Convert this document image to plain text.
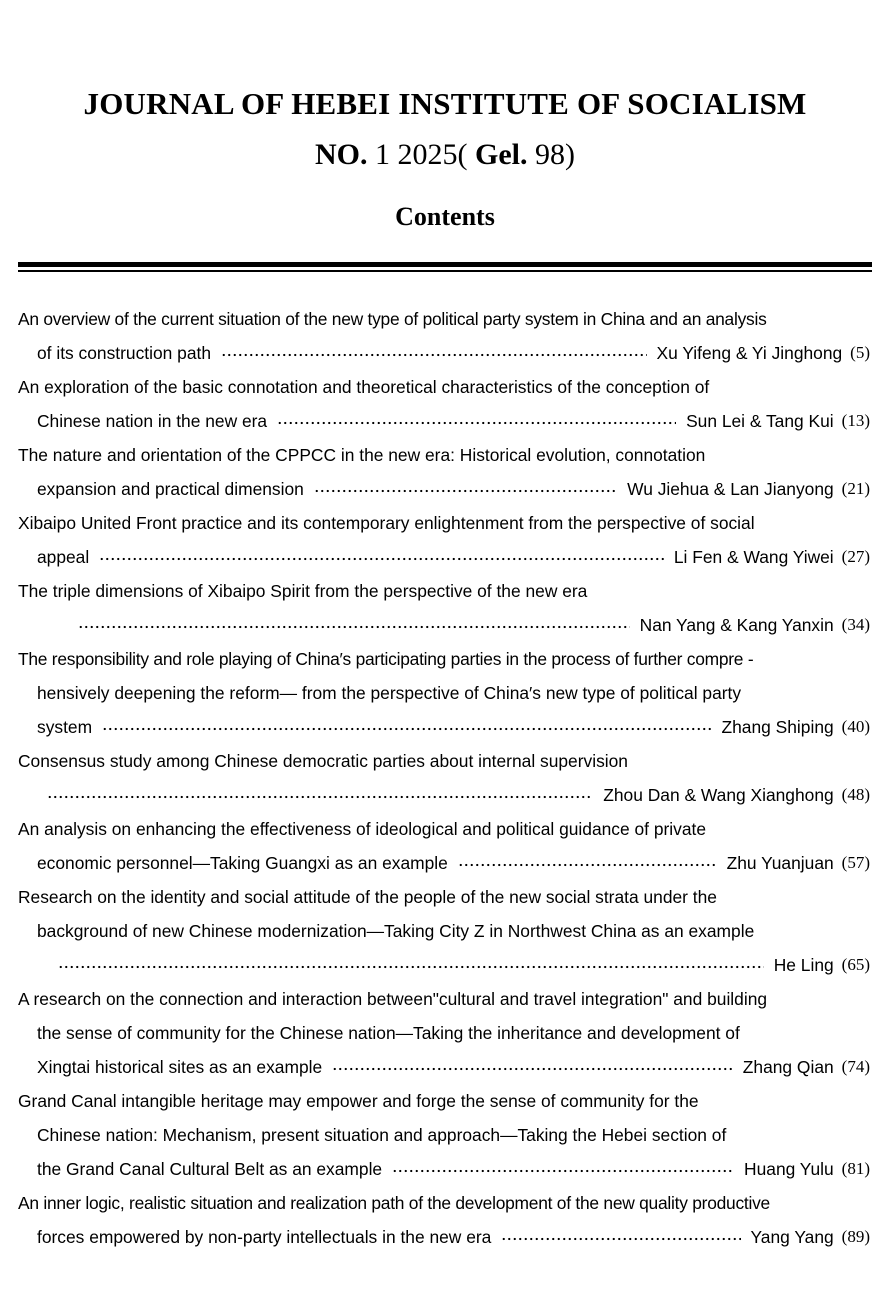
JOURNAL OF HEBEI INSTITUTE OF SOCIALISM
NO. 1 2025( Gel. 98)
Contents
An overview of the current situation of the new type of political party system in China and an analysis
of its construction path	Xu Yifeng & Yi Jinghong (5)
An exploration of the basic connotation and theoretical characteristics of the conception of
Chinese nation in the new era	Sun Lei & Tang Kui (13)
The nature and orientation of the CPPCC in the new era: Historical evolution, connotation
expansion and practical dimension	Wu Jiehua & Lan Jianyong (21)
Xibaipo United Front practice and its contemporary enlightenment from the perspective of social
appeal	Li Fen & Wang Yiwei (27)
The triple dimensions of Xibaipo Spirit from the perspective of the new era
Nan Yang & Kang Yanxin (34)
The responsibility and role playing of China′s participating parties in the process of further compre -
hensively deepening the reform— from the perspective of China′s new type of political party
system	Zhang Shiping (40)
Consensus study among Chinese democratic parties about internal supervision
Zhou Dan & Wang Xianghong (48)
An analysis on enhancing the effectiveness of ideological and political guidance of private
economic personnel—Taking Guangxi as an example	Zhu Yuanjuan (57)
Research on the identity and social attitude of the people of the new social strata under the
background of new Chinese modernization—Taking City Z in Northwest China as an example
He Ling (65)
A research on the connection and interaction between"cultural and travel integration" and building
the sense of community for the Chinese nation—Taking the inheritance and development of
Xingtai historical sites as an example	Zhang Qian (74)
Grand Canal intangible heritage may empower and forge the sense of community for the
Chinese nation: Mechanism, present situation and approach—Taking the Hebei section of
the Grand Canal Cultural Belt as an example	Huang Yulu (81)
An inner logic, realistic situation and realization path of the development of the new quality productive
forces empowered by non-party intellectuals in the new era	Yang Yang (89)
